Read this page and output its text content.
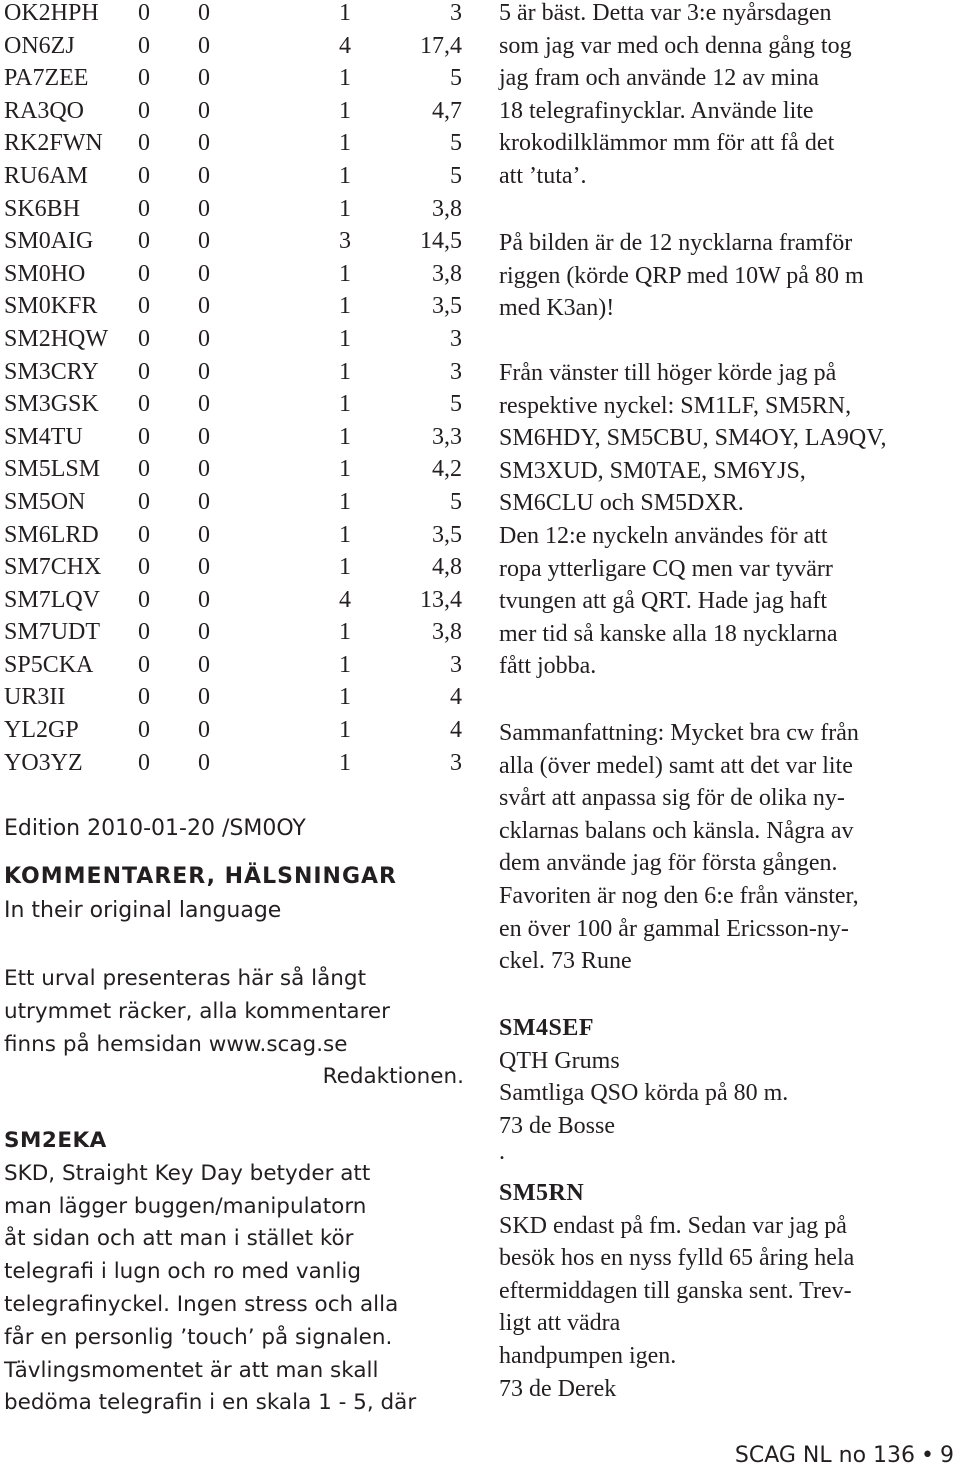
OK2HPH 0 0	1	3
ON6ZJ	0 0	4	17,4
PA7ZEE 0 0	1	5
RA3QO 0 0	1	4,7
RK2FWN 0 0	1	5
RU6AM 0 0	1	5
SK6BH 0 0	1	3,8
SM0AIG 0 0	3	14,5
SM0HO 0 0	1	3,8
SM0KFR 0 0	1	3,5
SM2HQW 0 0	1	3
SM3CRY 0 0	1	3
SM3GSK 0 0	1	5
SM4TU 0 0	1	3,3
SM5LSM 0 0	1	4,2
SM5ON 0 0	1	5
SM6LRD 0 0	1	3,5
SM7CHX 0 0	1	4,8
SM7LQV 0 0	4	13,4
SM7UDT 0 0	1	3,8
SP5CKA 0 0	1	3
UR3II	0 0	1	4
YL2GP 0 0	1	4
YO3YZ 0 0	1	3
Edition 2010-01-20 /SM0OY
KOMMENTARER, HÄLSNINGAR
In their original language
Ett urval presenteras här så långt
utrymmet räcker, alla kommentarer
finns på hemsidan www.scag.se
Redaktionen.
SM2EKA
SKD, Straight Key Day betyder att
man lägger buggen/manipulatorn
åt sidan och att man i stället kör
telegrafi i lugn och ro med vanlig
telegrafinyckel. Ingen stress och alla
får en personlig ’touch’ på signalen.
Tävlingsmomentet är att man skall
bedöma telegrafin i en skala 1 - 5, där
5 är bäst. Detta var 3:e nyårsdagen
som jag var med och denna gång tog
jag fram och använde 12 av mina
18 telegrafinycklar. Använde lite
krokodilklämmor mm för att få det
att ’tuta’.
På bilden är de 12 nycklarna framför
riggen (körde QRP med 10W på 80 m
med K3an)!
Från vänster till höger körde jag på
respektive nyckel: SM1LF, SM5RN,
SM6HDY, SM5CBU, SM4OY, LA9QV,
SM3XUD, SM0TAE, SM6YJS,
SM6CLU och SM5DXR.
Den 12:e nyckeln användes för att
ropa ytterligare CQ men var tyvärr
tvungen att gå QRT. Hade jag haft
mer tid så kanske alla 18 nycklarna
fått jobba.
Sammanfattning: Mycket bra cw från
alla (över medel) samt att det var lite
svårt att anpassa sig för de olika ny-
cklarnas balans och känsla. Några av
dem använde jag för första gången.
Favoriten är nog den 6:e från vänster,
en över 100 år gammal Ericsson-ny-
ckel. 73 Rune
SM4SEF
QTH Grums
Samtliga QSO körda på 80 m.
73 de Bosse
.
SM5RN
SKD endast på fm. Sedan var jag på
besök hos en nyss fylld 65 åring hela
eftermiddagen till ganska sent. Trev-
ligt att vädra
handpumpen igen.
73 de Derek
SCAG NL no 136 • 9
